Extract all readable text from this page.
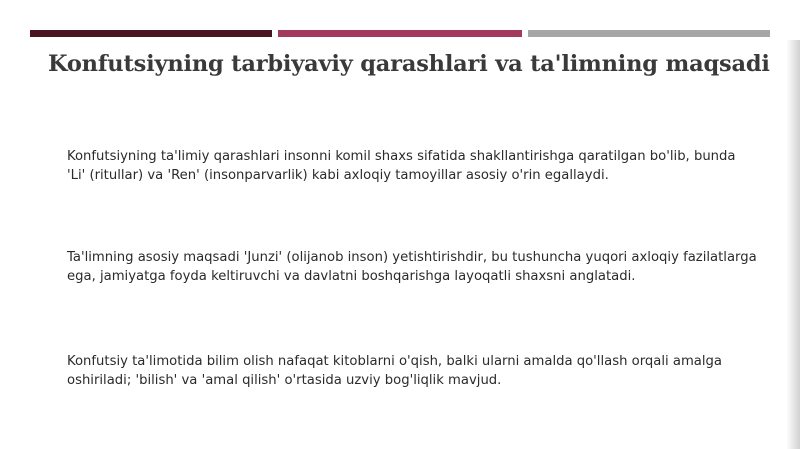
Konfutsiyning tarbiyaviy qarashlari va ta'limning maqsadi

Konfutsiyning ta'limiy qarashlari insonni komil shaxs sifatida shakllantirishga qaratilgan bo'lib, bunda 'Li' (ritullar) va 'Ren' (insonparvarlik) kabi axloqiy tamoyillar asosiy o'rin egallaydi.

Ta'limning asosiy maqsadi 'Junzi' (olijanob inson) yetishtirishdir, bu tushuncha yuqori axloqiy fazilatlarga ega, jamiyatga foyda keltiruvchi va davlatni boshqarishga layoqatli shaxsni anglatadi.

Konfutsiy ta'limotida bilim olish nafaqat kitoblarni o'qish, balki ularni amalda qo'llash orqali amalga oshiriladi; 'bilish' va 'amal qilish' o'rtasida uzviy bog'liqlik mavjud.
